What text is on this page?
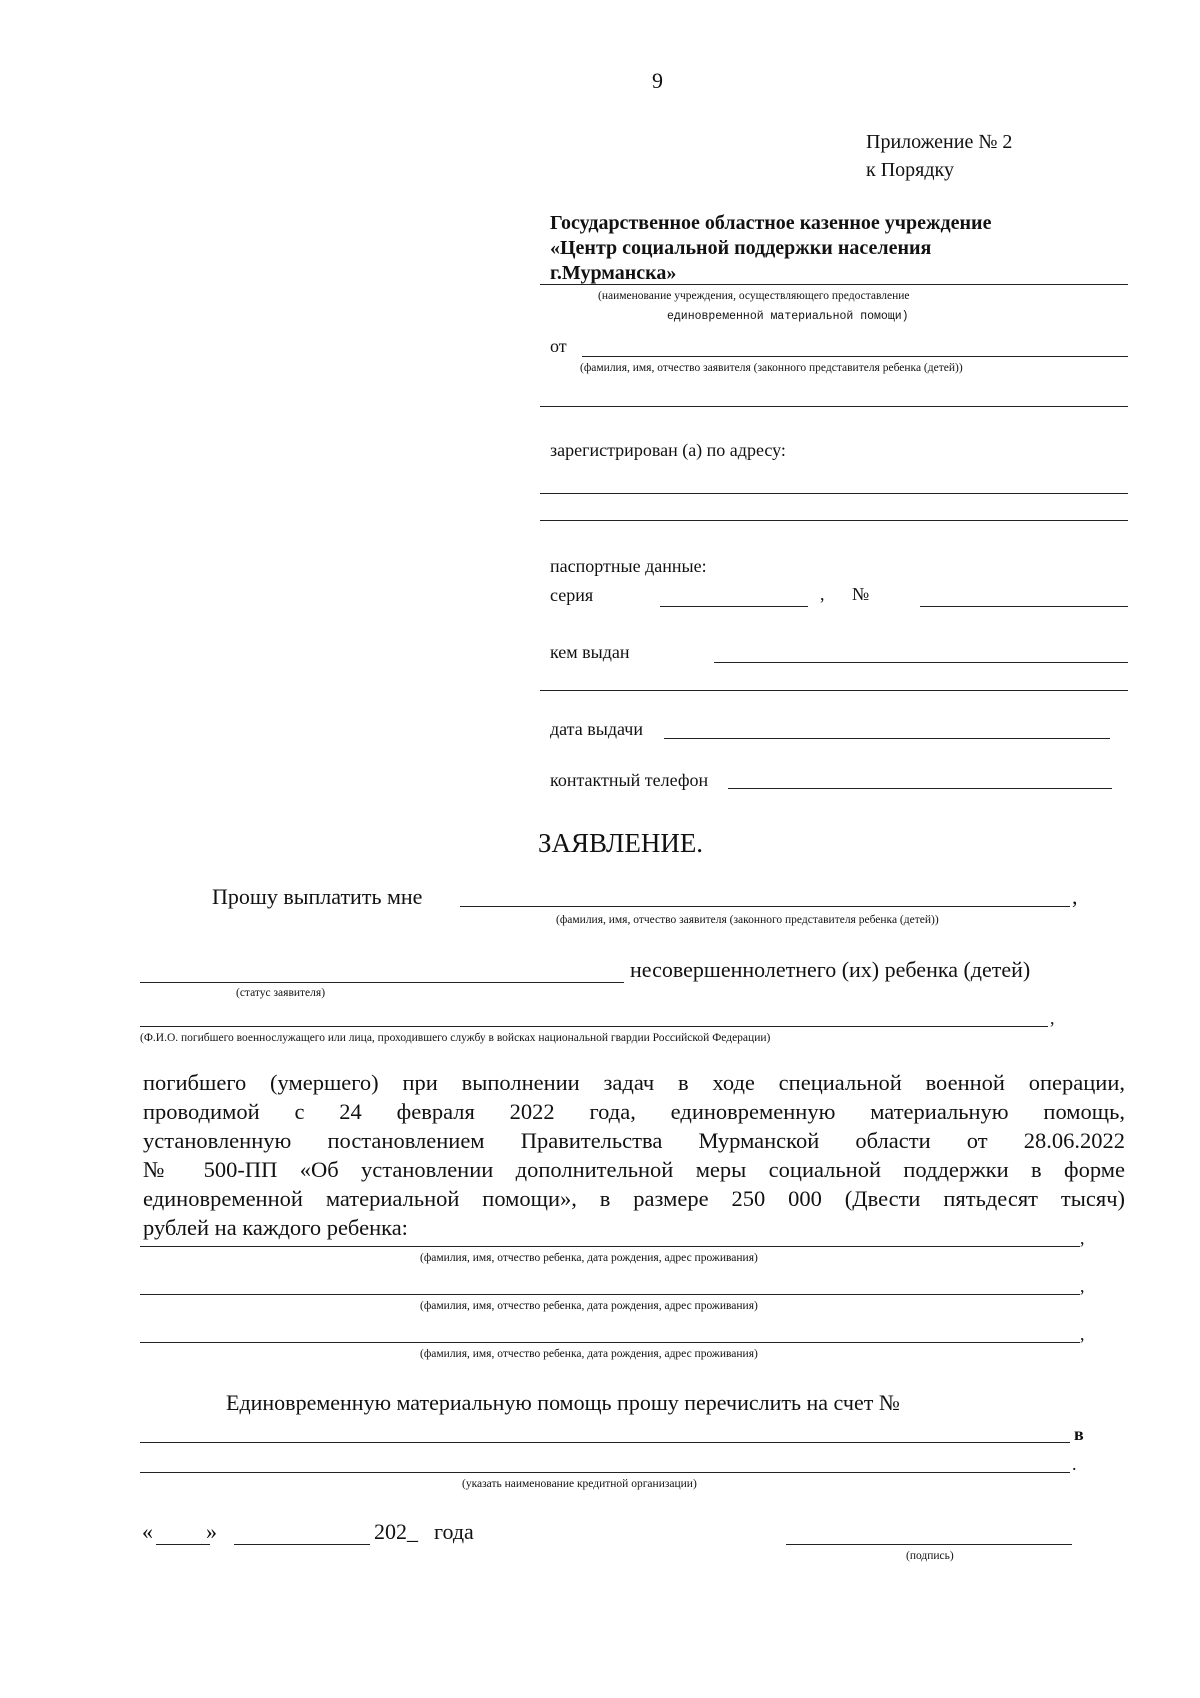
9
Приложение № 2
к Порядку
Государственное областное казенное учреждение
«Центр социальной поддержки населения
г.Мурманска»
(наименование учреждения, осуществляющего предоставление
единовременной материальной помощи)
от
(фамилия, имя, отчество заявителя (законного представителя ребенка (детей))
зарегистрирован (а) по адресу:
паспортные данные:
серия	, №
кем выдан
дата выдачи
контактный телефон
ЗАЯВЛЕНИЕ.
Прошу выплатить мне	,
(фамилия, имя, отчество заявителя (законного представителя ребенка (детей))
несовершеннолетнего (их) ребенка (детей)
(статус заявителя)
,
(Ф.И.О. погибшего военнослужащего или лица, проходившего службу в войсках национальной гвардии Российской Федерации)
погибшего (умершего) при выполнении задач в ходе специальной военной операции,
проводимой с 24 февраля 2022 года, единовременную материальную помощь,
установленную постановлением Правительства Мурманской области от 28.06.2022
№ 500-ПП «Об установлении дополнительной меры социальной поддержки в форме
единовременной материальной помощи», в размере 250 000 (Двести пятьдесят тысяч)
рублей на каждого ребенка:	,
(фамилия, имя, отчество ребенка, дата рождения, адрес проживания)
,
(фамилия, имя, отчество ребенка, дата рождения, адрес проживания)
,
(фамилия, имя, отчество ребенка, дата рождения, адрес проживания)
Единовременную материальную помощь прошу перечислить на счет №
в
.
(указать наименование кредитной организации)
« »	202_ года
(подпись)
